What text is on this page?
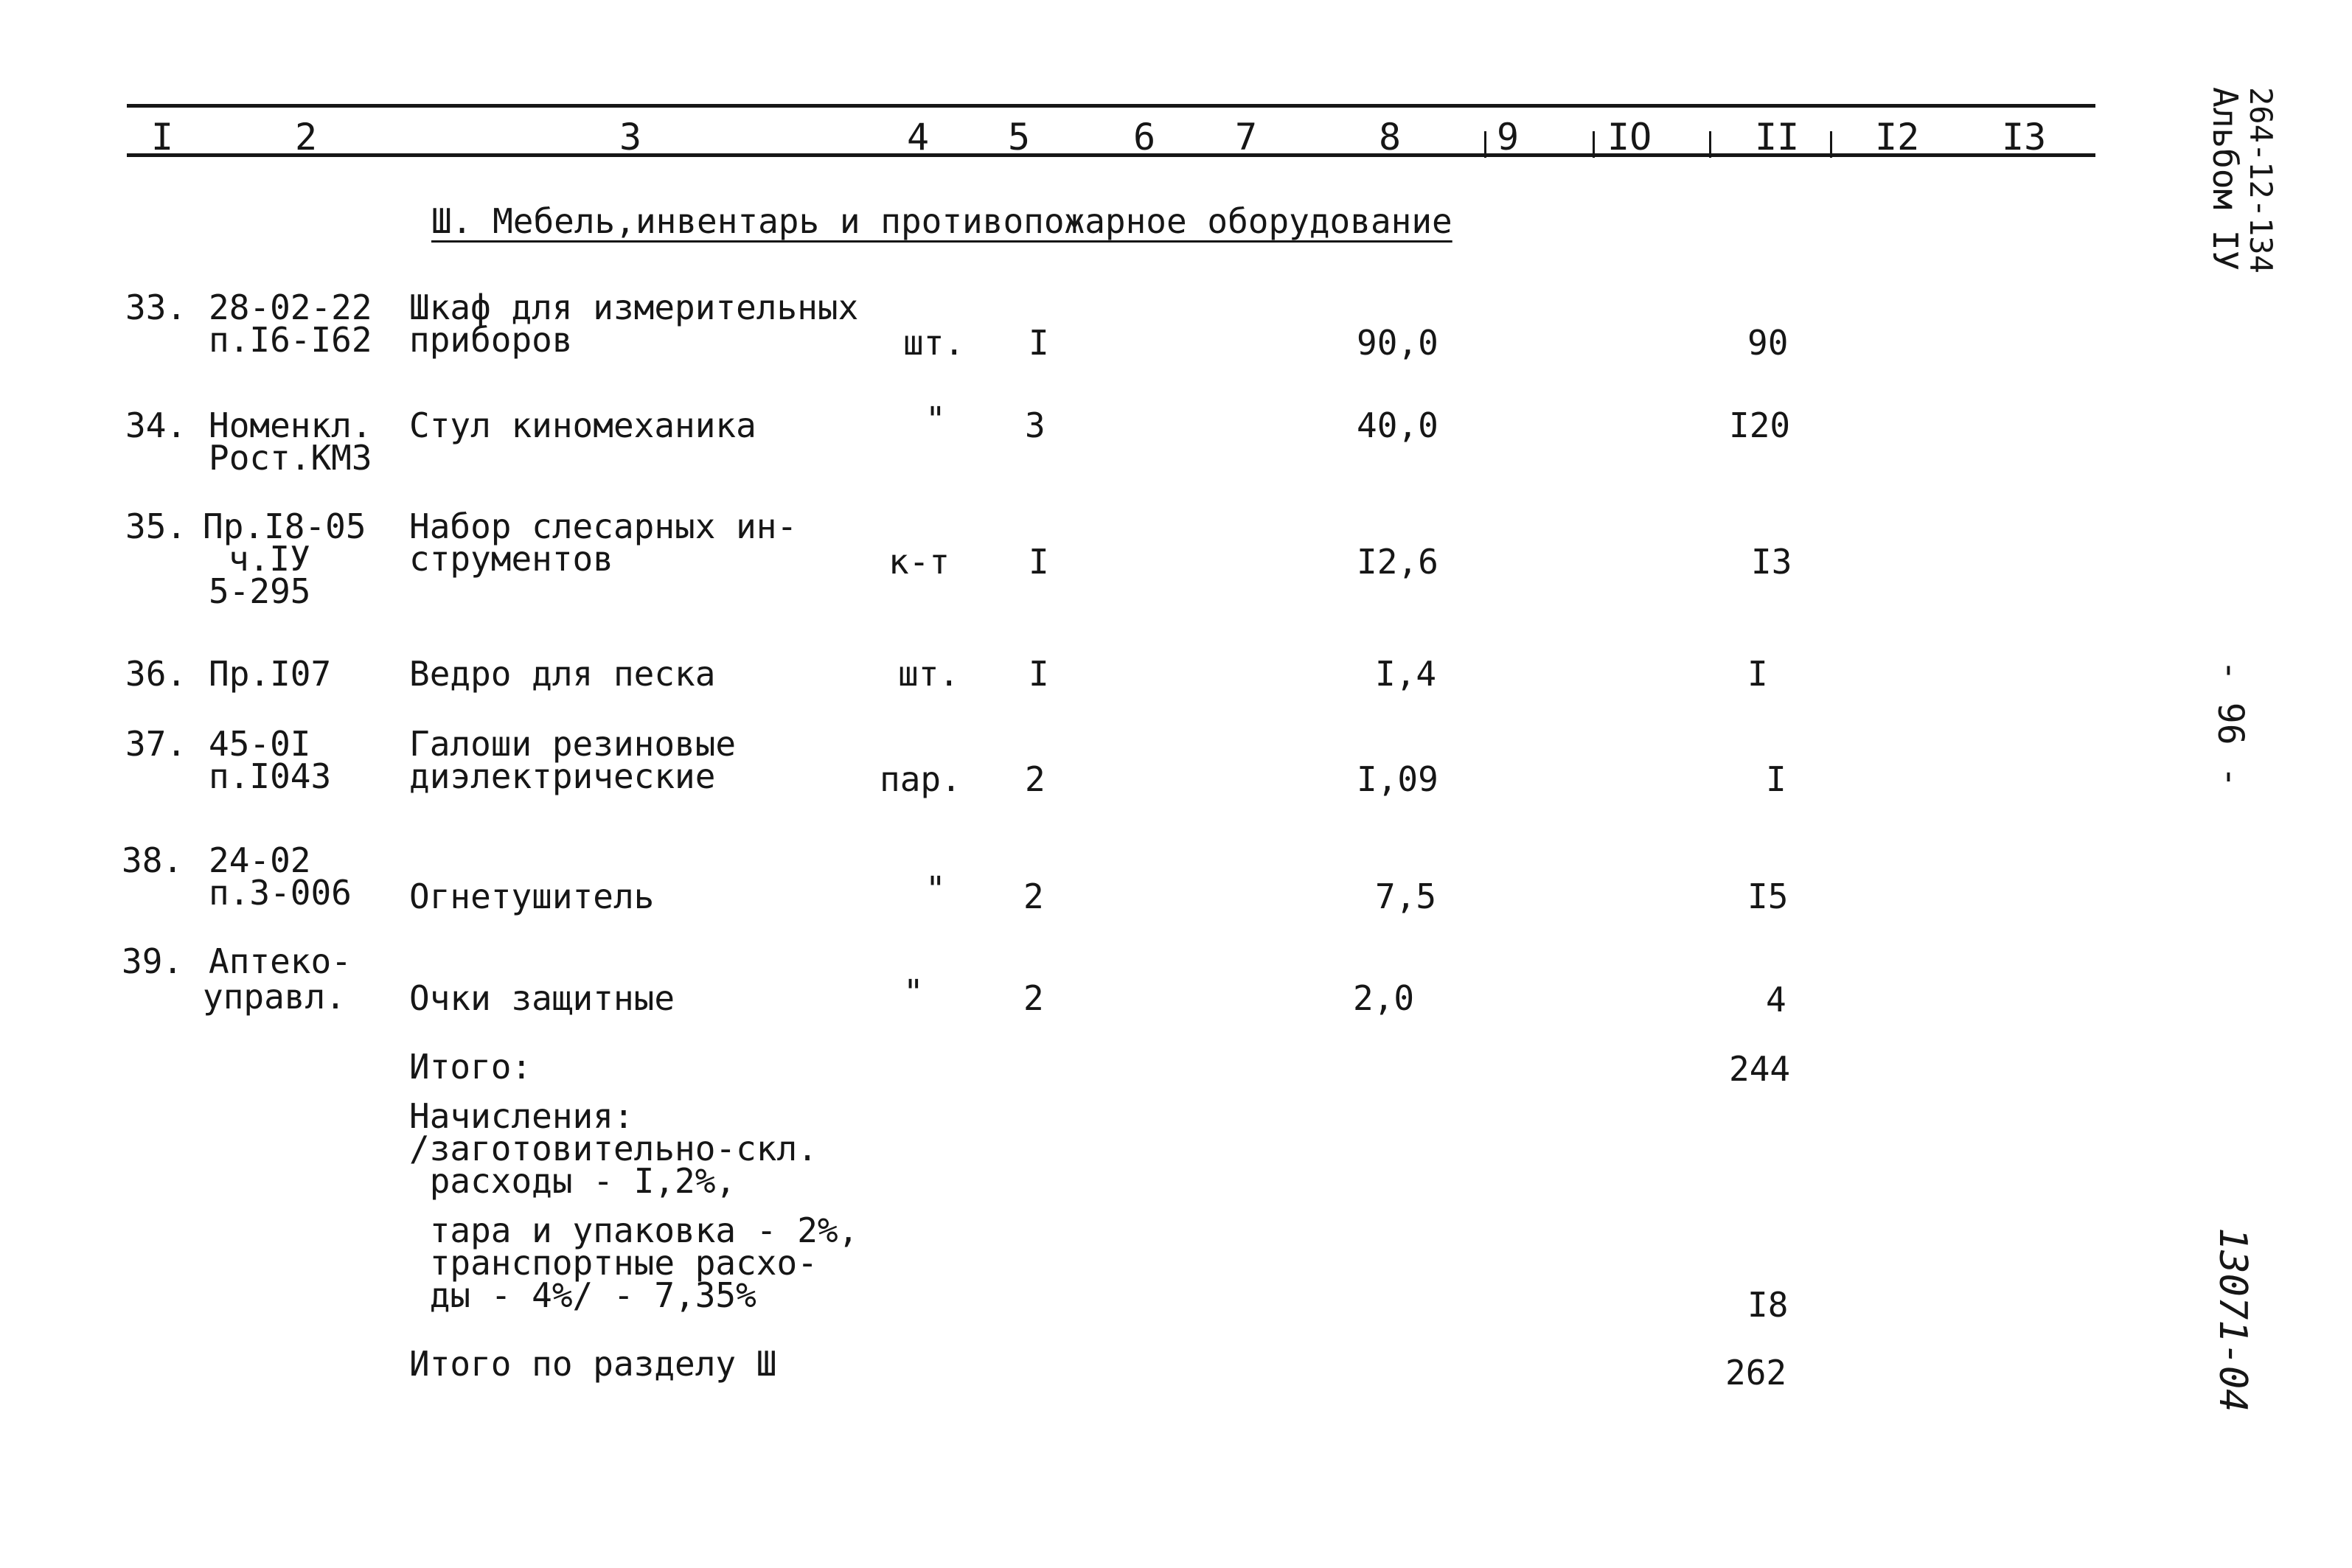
I	2	3	4 5	6 7	8	9 IO	II I2 I3
Ш. Мебель,инвентарь и противопожарное оборудование
33. 28-02-22
п.I6-I62
Шкаф для измерительных
приборов	шт. I	90,0	90
34. Номенкл.
Рост.КМЗ
Стул киномеханика	" 3	40,0	I20
35. Пр.I8-05
ч.IУ
5-295
Набор слесарных ин-
струментов	к-т I	I2,6	I3
36. Пр.I07 Ведро для песка	шт. I	I,4	I
37. 45-0I
п.I043
Галоши резиновые
диэлектрические	пар. 2	I,09	I
38. 24-02
п.3-006 Огнетушитель	" 2	7,5	I5
39. Аптеко-
управл. Очки защитные	"	2	2,0	4
Итого:	244
Начисления:
/заготовительно-скл.
расходы - I,2%,
тара и упаковка - 2%,
транспортные расхо-
ды - 4%/ - 7,35%	I8
Итого по разделу Ш	262
264-12-134
Альбом IУ
- 96 -
13071-04
